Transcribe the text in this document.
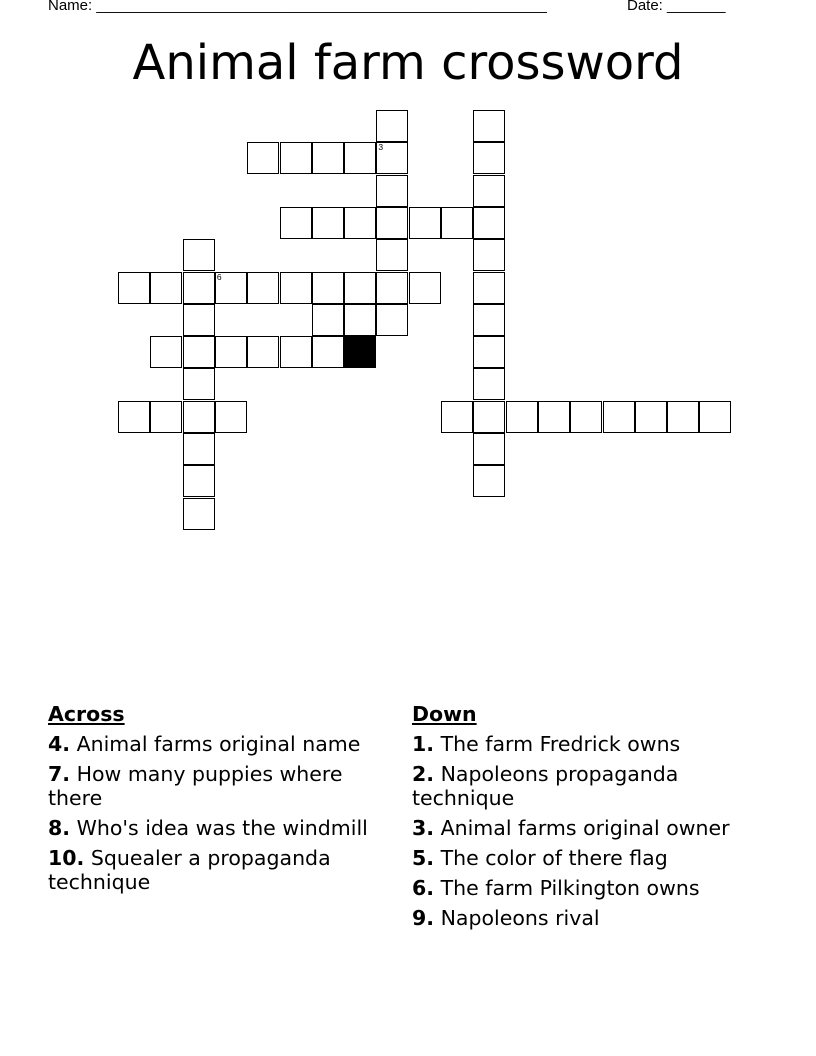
Name: ______________________________________________________	Date: _______
Animal farm crossword
6
3
Across
4. Animal farms original name
7. How many puppies where there
8. Who's idea was the windmill
10. Squealer a propaganda technique
Down
1. The farm Fredrick owns
2. Napoleons propaganda technique
3. Animal farms original owner
5. The color of there flag
6. The farm Pilkington owns
9. Napoleons rival
